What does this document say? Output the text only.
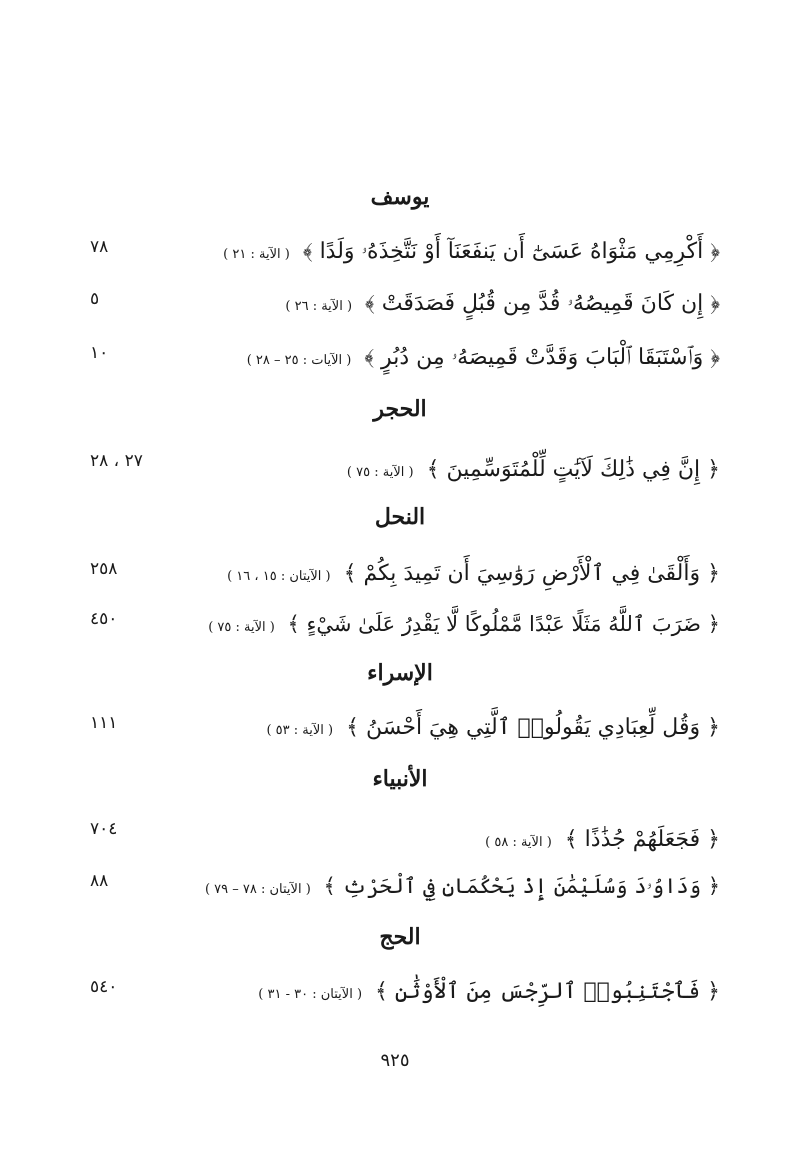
يوسف
﴿ أَكْرِمِي مَثْوَاهُ عَسَىٰٓ أَن يَنفَعَنَآ أَوْ نَتَّخِذَهُۥ وَلَدًا ﴾ ( الآية : ٢١ )
٧٨
﴿ إِن كَانَ قَمِيصُهُۥ قُدَّ مِن قُبُلٍ فَصَدَقَتْ ﴾ ( الآية : ٢٦ )
٥
﴿ وَٱسْتَبَقَا ٱلْبَابَ وَقَدَّتْ قَمِيصَهُۥ مِن دُبُرٍ ﴾ ( الآيات : ٢٥ – ٢٨ )
١٠
الحجر
﴿ إِنَّ فِي ذَٰلِكَ لَآيَٰتٍ لِّلْمُتَوَسِّمِينَ ﴾ ( الآية : ٧٥ )
٢٧ ، ٢٨
النحل
﴿ وَأَلْقَىٰ فِي ٱلْأَرْضِ رَوَٰسِيَ أَن تَمِيدَ بِكُمْ ﴾ ( الآيتان : ١٥ ، ١٦ )
٢٥٨
﴿ ضَرَبَ ٱللَّهُ مَثَلًا عَبْدًا مَّمْلُوكًا لَّا يَقْدِرُ عَلَىٰ شَيْءٍ ﴾ ( الآية : ٧٥ )
٤٥٠
الإسراء
﴿ وَقُل لِّعِبَادِي يَقُولُوا۟ ٱلَّتِي هِيَ أَحْسَنُ ﴾ ( الآية : ٥٣ )
١١١
الأنبياء
﴿ فَجَعَلَهُمْ جُذَٰذًا ﴾ ( الآية : ٥٨ )
٧٠٤
﴿ وَدَاوُۥدَ وَسُلَيْمَٰنَ إِذْ يَحْكُمَانِ فِي ٱلْحَرْثِ ﴾ ( الآيتان : ٧٨ – ٧٩ )
٨٨
الحج
﴿ فَٱجْتَنِبُوا۟ ٱلرِّجْسَ مِنَ ٱلْأَوْثَٰنِ ﴾ ( الآيتان : ٣٠ - ٣١ )
٥٤٠
٩٢٥
